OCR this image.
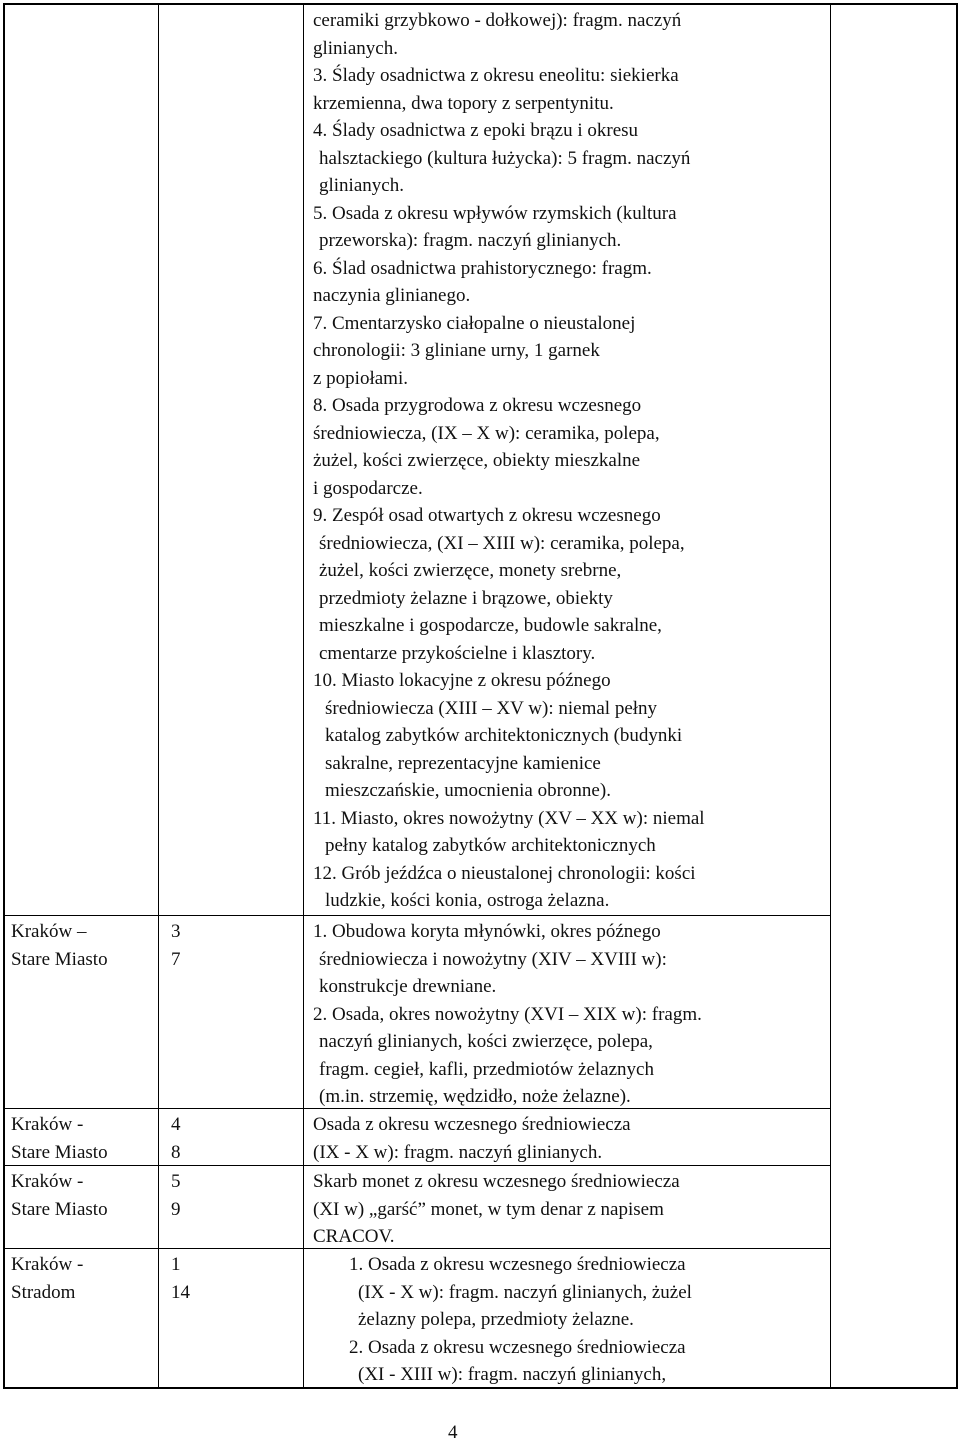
ceramiki grzybkowo - dołkowej): fragm. naczyń
glinianych.
3. Ślady osadnictwa z okresu eneolitu: siekierka
krzemienna, dwa topory z serpentynitu.
4. Ślady osadnictwa z epoki brązu i okresu
halsztackiego (kultura łużycka): 5 fragm. naczyń
glinianych.
5. Osada z okresu wpływów rzymskich (kultura
przeworska): fragm. naczyń glinianych.
6. Ślad osadnictwa prahistorycznego: fragm.
naczynia glinianego.
7. Cmentarzysko ciałopalne o nieustalonej
chronologii: 3 gliniane urny, 1 garnek
z popiołami.
8. Osada przygrodowa z okresu wczesnego
średniowiecza, (IX – X w): ceramika, polepa,
żużel, kości zwierzęce, obiekty mieszkalne
i gospodarcze.
9. Zespół osad otwartych z okresu wczesnego
średniowiecza, (XI – XIII w): ceramika, polepa,
żużel, kości zwierzęce, monety srebrne,
przedmioty żelazne i brązowe, obiekty
mieszkalne i gospodarcze, budowle sakralne,
cmentarze przykościelne i klasztory.
10. Miasto lokacyjne z okresu późnego
średniowiecza (XIII – XV w): niemal pełny
katalog zabytków architektonicznych (budynki
sakralne, reprezentacyjne kamienice
mieszczańskie, umocnienia obronne).
11. Miasto, okres nowożytny (XV – XX w): niemal
pełny katalog zabytków architektonicznych
12. Grób jeźdźca o nieustalonej chronologii: kości
ludzkie, kości konia, ostroga żelazna.
Kraków –
Stare Miasto
3
7
1. Obudowa koryta młynówki, okres późnego
średniowiecza i nowożytny (XIV – XVIII w):
konstrukcje drewniane.
2. Osada, okres nowożytny (XVI – XIX w): fragm.
naczyń glinianych, kości zwierzęce, polepa,
fragm. cegieł, kafli, przedmiotów żelaznych
(m.in. strzemię, wędzidło, noże żelazne).
Kraków -
Stare Miasto
4
8
Osada z okresu wczesnego średniowiecza
(IX - X w): fragm. naczyń glinianych.
Kraków -
Stare Miasto
5
9
Skarb monet z okresu wczesnego średniowiecza
(XI w) „garść” monet, w tym denar z napisem
CRACOV.
Kraków -
Stradom
1
14
1. Osada z okresu wczesnego średniowiecza
(IX - X w): fragm. naczyń glinianych, żużel
żelazny polepa, przedmioty żelazne.
2. Osada z okresu wczesnego średniowiecza
(XI - XIII w): fragm. naczyń glinianych,
4
